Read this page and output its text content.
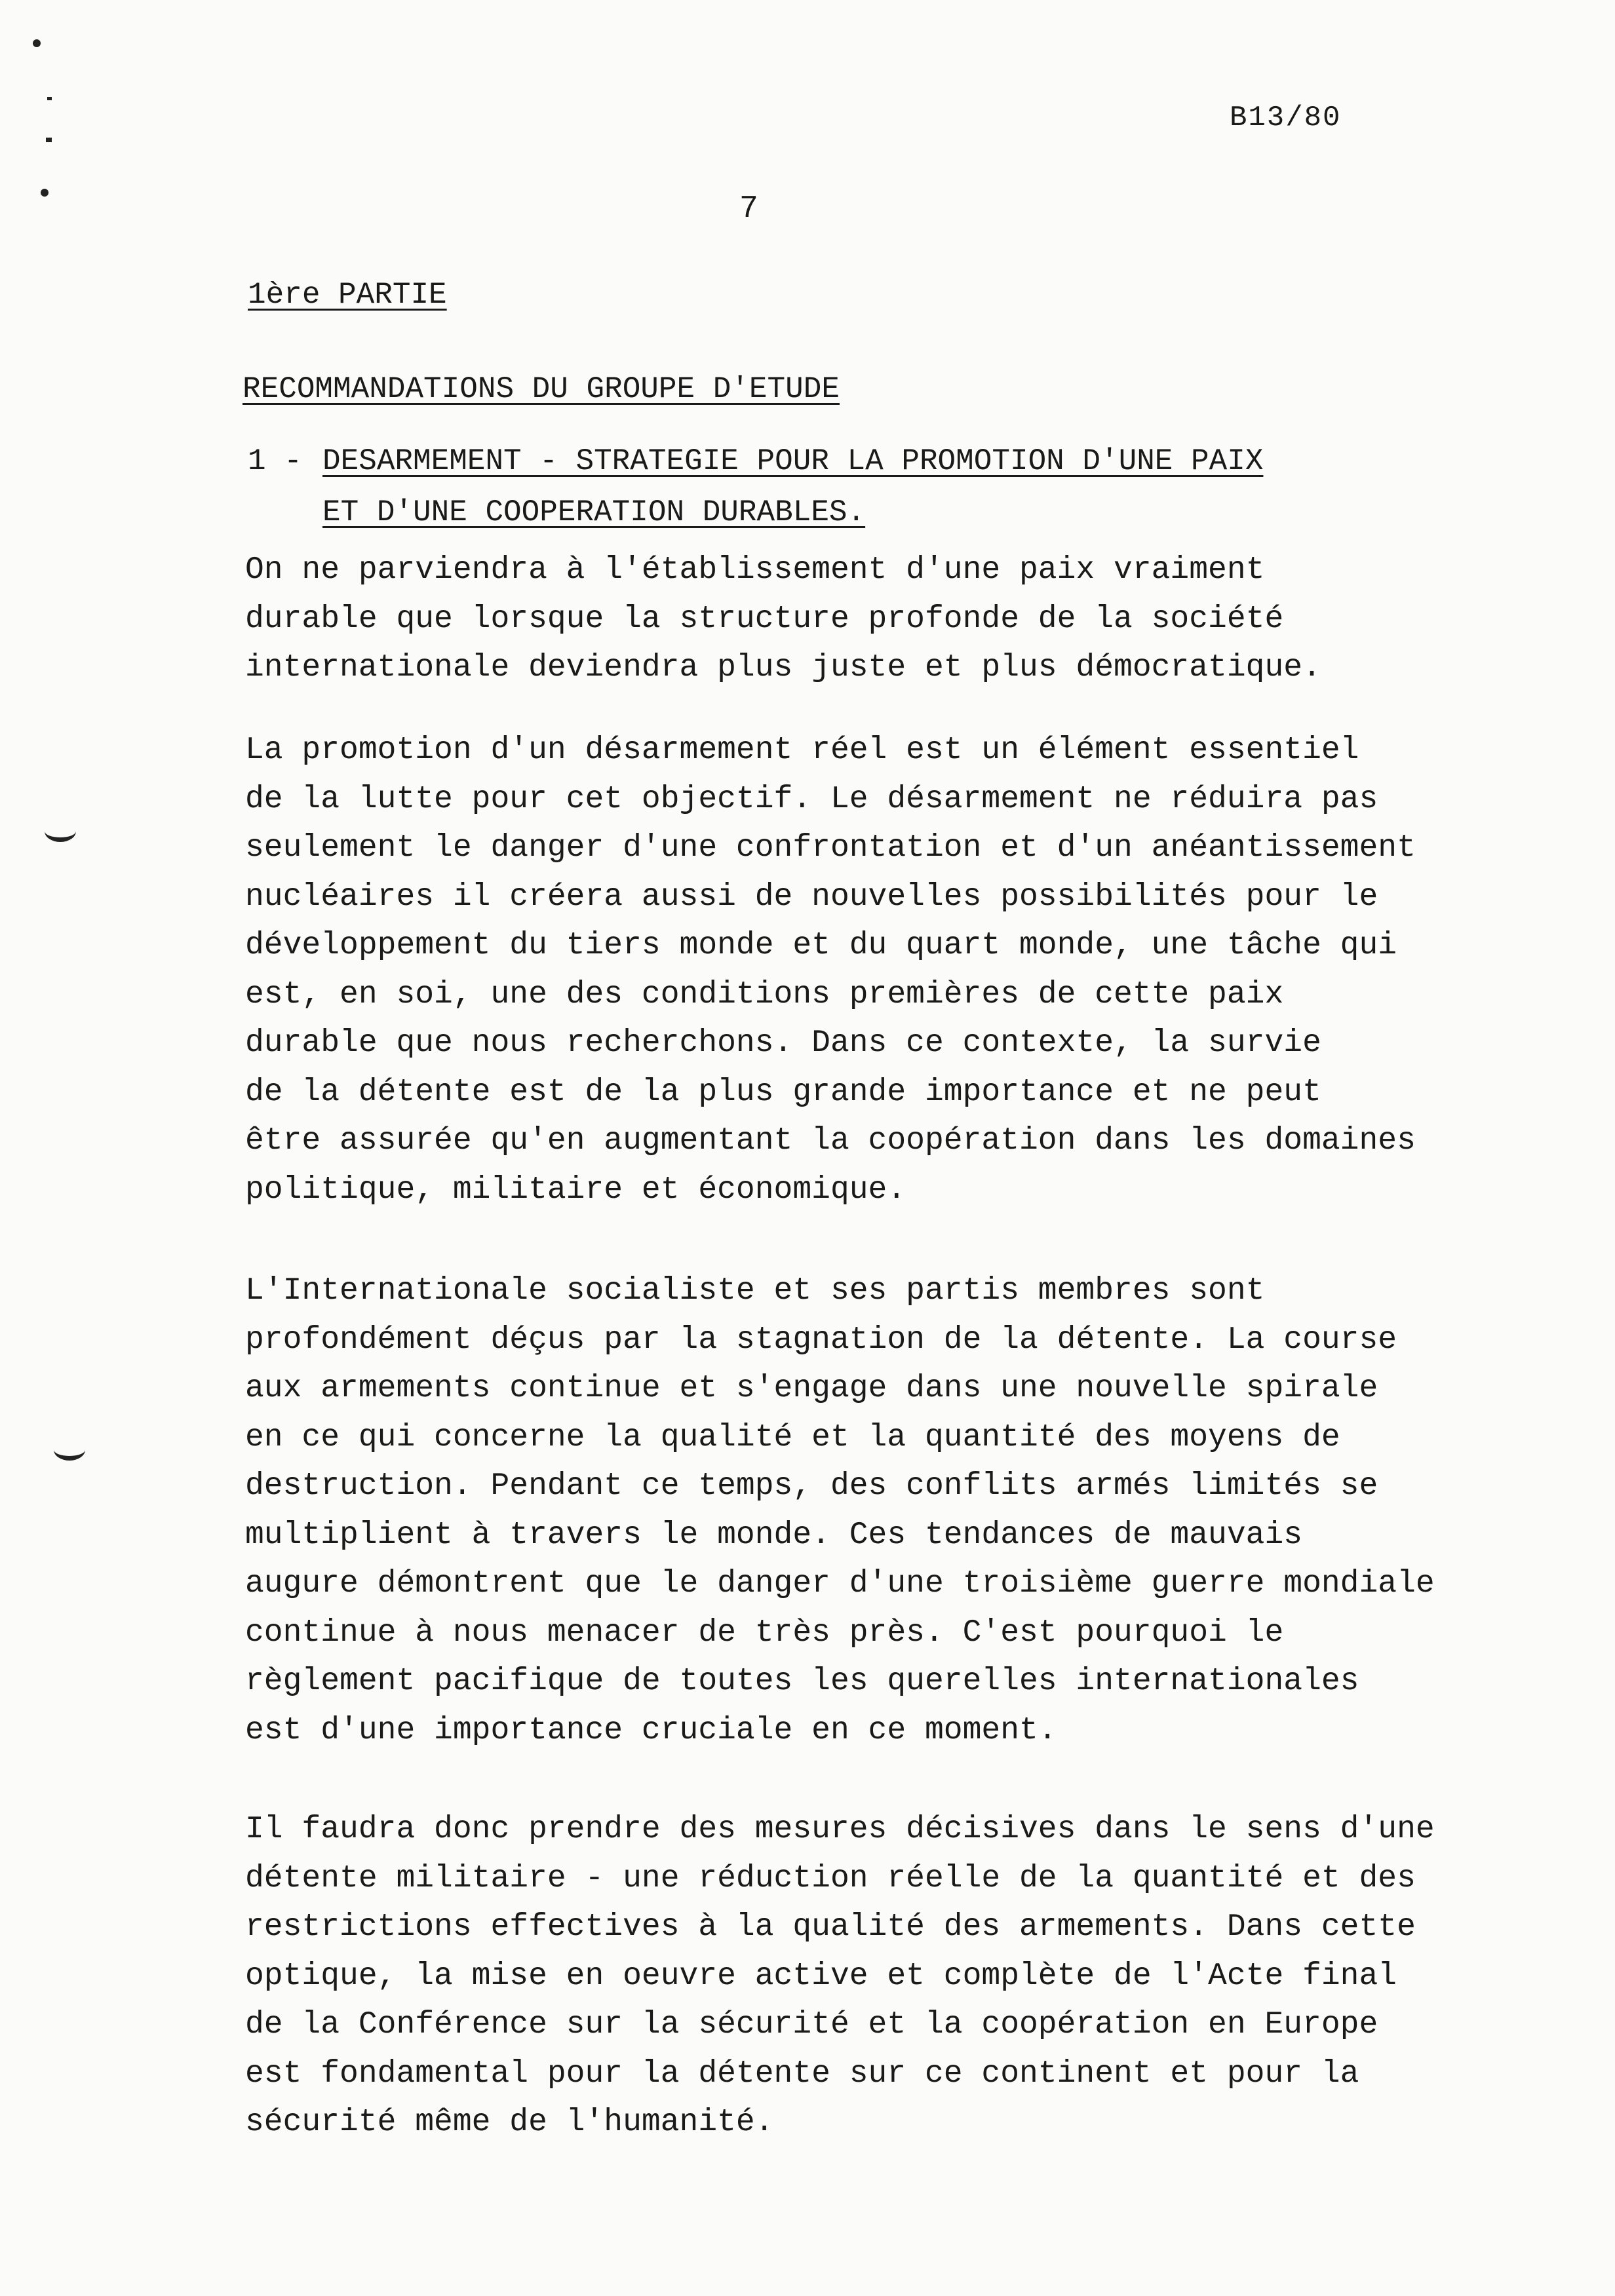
B13/80
7
1ère PARTIE
RECOMMANDATIONS DU GROUPE D'ETUDE
1 - DESARMEMENT - STRATEGIE POUR LA PROMOTION D'UNE PAIX
ET D'UNE COOPERATION DURABLES.
On ne parviendra à l'établissement d'une paix vraiment
durable que lorsque la structure profonde de la société
internationale deviendra plus juste et plus démocratique.
La promotion d'un désarmement réel est un élément essentiel
de la lutte pour cet objectif. Le désarmement ne réduira pas
seulement le danger d'une confrontation et d'un anéantissement
nucléaires il créera aussi de nouvelles possibilités pour le
développement du tiers monde et du quart monde, une tâche qui
est, en soi, une des conditions premières de cette paix
durable que nous recherchons. Dans ce contexte, la survie
de la détente est de la plus grande importance et ne peut
être assurée qu'en augmentant la coopération dans les domaines
politique, militaire et économique.
L'Internationale socialiste et ses partis membres sont
profondément déçus par la stagnation de la détente. La course
aux armements continue et s'engage dans une nouvelle spirale
en ce qui concerne la qualité et la quantité des moyens de
destruction. Pendant ce temps, des conflits armés limités se
multiplient à travers le monde. Ces tendances de mauvais
augure démontrent que le danger d'une troisième guerre mondiale
continue à nous menacer de très près. C'est pourquoi le
règlement pacifique de toutes les querelles internationales
est d'une importance cruciale en ce moment.
Il faudra donc prendre des mesures décisives dans le sens d'une
détente militaire - une réduction réelle de la quantité et des
restrictions effectives à la qualité des armements. Dans cette
optique, la mise en oeuvre active et complète de l'Acte final
de la Conférence sur la sécurité et la coopération en Europe
est fondamental pour la détente sur ce continent et pour la
sécurité même de l'humanité.
